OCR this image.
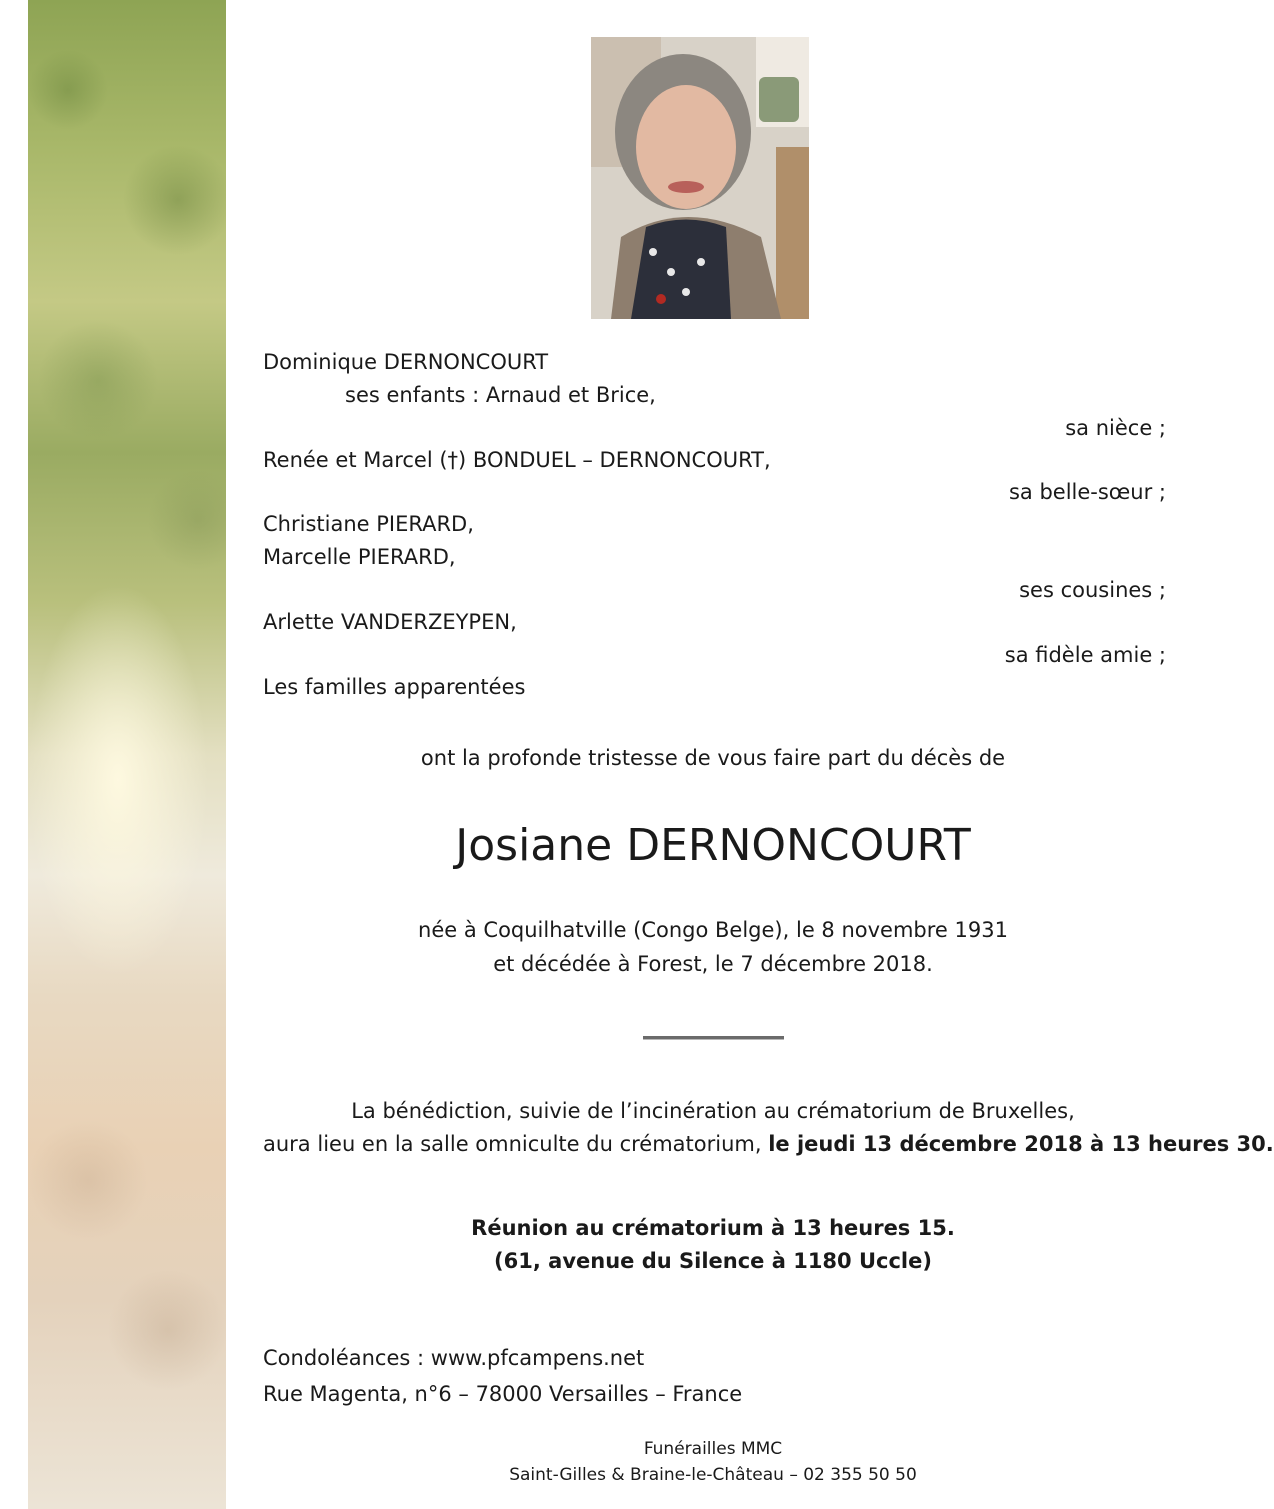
Dominique DERNONCOURT

ses enfants : Arnaud et Brice,

sa nièce ;

Renée et Marcel (†) BONDUEL – DERNONCOURT,

sa belle-sœur ;

Christiane PIERARD,

Marcelle PIERARD,

ses cousines ;

Arlette VANDERZEYPEN,

sa fidèle amie ;

Les familles apparentées

ont la profonde tristesse de vous faire part du décès de

Josiane DERNONCOURT

née à Coquilhatville (Congo Belge), le 8 novembre 1931

et décédée à Forest, le 7 décembre 2018.

La bénédiction, suivie de l’incinération au crématorium de Bruxelles,

aura lieu en la salle omniculte du crématorium, le jeudi 13 décembre 2018 à 13 heures 30.

Réunion au crématorium à 13 heures 15.

(61, avenue du Silence à 1180 Uccle)

Condoléances : www.pfcampens.net

Rue Magenta, n°6 – 78000 Versailles – France

Funérailles MMC

Saint-Gilles & Braine-le-Château – 02 355 50 50
